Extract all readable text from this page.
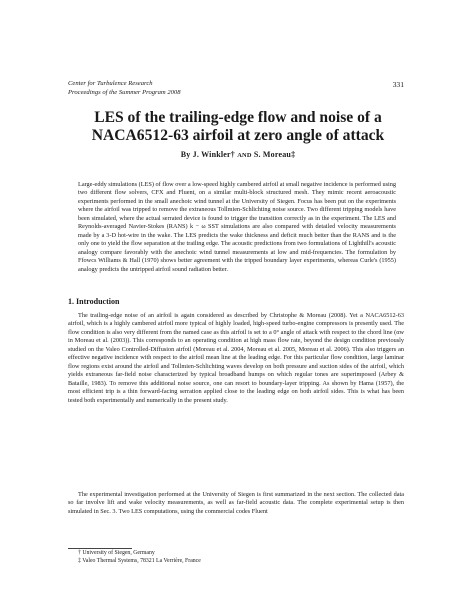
Center for Turbulence Research

Proceedings of the Summer Program 2008

331
LES of the trailing-edge flow and noise of a
NACA6512-63 airfoil at zero angle of attack
By J. Winkler† AND S. Moreau‡

Large-eddy simulations (LES) of flow over a low-speed highly cambered airfoil at small negative incidence is performed using two different flow solvers, CFX and Fluent, on a similar multi-block structured mesh. They mimic recent aeroacoustic experiments performed in the small anechoic wind tunnel at the University of Siegen. Focus has been put on the experiments where the airfoil was tripped to remove the extraneous Tollmien-Schlichting noise source. Two different tripping models have been simulated, where the actual serrated device is found to trigger the transition correctly as in the experiment. The LES and Reynolds-averaged Navier-Stokes (RANS) k − ω SST simulations are also compared with detailed velocity measurements made by a 3-D hot-wire in the wake. The LES predicts the wake thickness and deficit much better than the RANS and is the only one to yield the flow separation at the trailing edge. The acoustic predictions from two formulations of Lighthill's acoustic analogy compare favorably with the anechoic wind tunnel measurements at low and mid-frequencies. The formulation by Ffowcs Williams & Hall (1970) shows better agreement with the tripped boundary layer experiments, whereas Curle's (1955) analogy predicts the untripped airfoil sound radiation better.

1. Introduction

The trailing-edge noise of an airfoil is again considered as described by Christophe & Moreau (2008). Yet a NACA6512-63 airfoil, which is a highly cambered airfoil more typical of highly loaded, high-speed turbo-engine compressors is presently used. The flow condition is also very different from the named case as this airfoil is set to a 0° angle of attack with respect to the chord line (αw in Moreau et al. (2003)). This corresponds to an operating condition at high mass flow rate, beyond the design condition previously studied on the Valeo Controlled-Diffusion airfoil (Moreau et al. 2004, Moreau et al. 2005, Moreau et al. 2006). This also triggers an effective negative incidence with respect to the airfoil mean line at the leading edge. For this particular flow condition, large laminar flow regions exist around the airfoil and Tollmien-Schlichting waves develop on both pressure and suction sides of the airfoil, which yields extraneous far-field noise characterized by typical broadband humps on which regular tones are superimposed (Arbey & Bataille, 1983). To remove this additional noise source, one can resort to boundary-layer tripping. As shown by Hama (1957), the most efficient trip is a thin forward-facing serration applied close to the leading edge on both airfoil sides. This is what has been tested both experimentally and numerically in the present study.

The experimental investigation performed at the University of Siegen is first summarized in the next section. The collected data so far involve lift and wake velocity measurements, as well as far-field acoustic data. The complete experimental setup is then simulated in Sec. 3. Two LES computations, using the commercial codes Fluent

† University of Siegen, Germany

‡ Valeo Thermal Systems, 78321 La Verrière, France
